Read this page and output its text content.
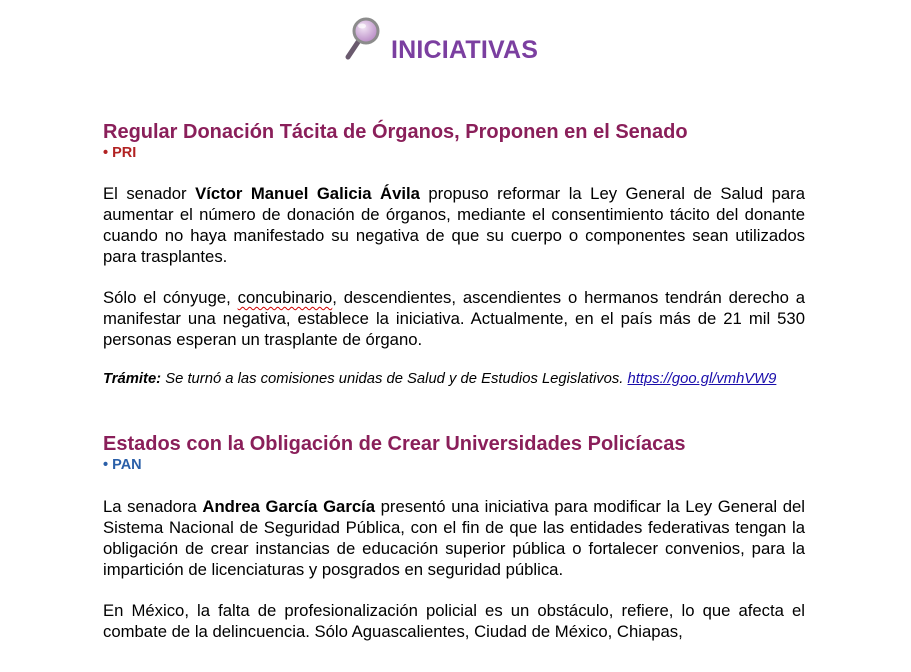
INICIATIVAS
Regular Donación Tácita de Órganos, Proponen en el Senado
• PRI
El senador Víctor Manuel Galicia Ávila propuso reformar la Ley General de Salud para aumentar el número de donación de órganos, mediante el consentimiento tácito del donante cuando no haya manifestado su negativa de que su cuerpo o componentes sean utilizados para trasplantes.
Sólo el cónyuge, concubinario, descendientes, ascendientes o hermanos tendrán derecho a manifestar una negativa, establece la iniciativa. Actualmente, en el país más de 21 mil 530 personas esperan un trasplante de órgano.
Trámite: Se turnó a las comisiones unidas de Salud y de Estudios Legislativos. https://goo.gl/vmhVW9
Estados con la Obligación de Crear Universidades Policíacas
• PAN
La senadora Andrea García García presentó una iniciativa para modificar la Ley General del Sistema Nacional de Seguridad Pública, con el fin de que las entidades federativas tengan la obligación de crear instancias de educación superior pública o fortalecer convenios, para la impartición de licenciaturas y posgrados en seguridad pública.
En México, la falta de profesionalización policial es un obstáculo, refiere, lo que afecta el combate de la delincuencia. Sólo Aguascalientes, Ciudad de México, Chiapas,
